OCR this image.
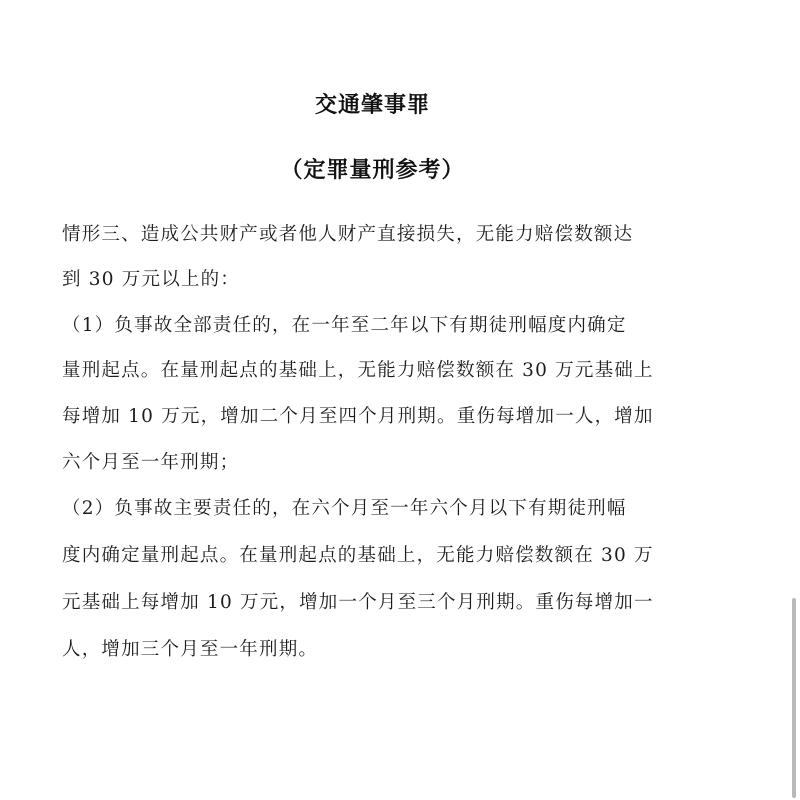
交通肇事罪
（定罪量刑参考）
情形三、造成公共财产或者他人财产直接损失，无能力赔偿数额达
到 30 万元以上的：
（1）负事故全部责任的，在一年至二年以下有期徒刑幅度内确定
量刑起点。在量刑起点的基础上，无能力赔偿数额在 30 万元基础上
每增加 10 万元，增加二个月至四个月刑期。重伤每增加一人，增加
六个月至一年刑期；
（2）负事故主要责任的，在六个月至一年六个月以下有期徒刑幅
度内确定量刑起点。在量刑起点的基础上，无能力赔偿数额在 30 万
元基础上每增加 10 万元，增加一个月至三个月刑期。重伤每增加一
人，增加三个月至一年刑期。
